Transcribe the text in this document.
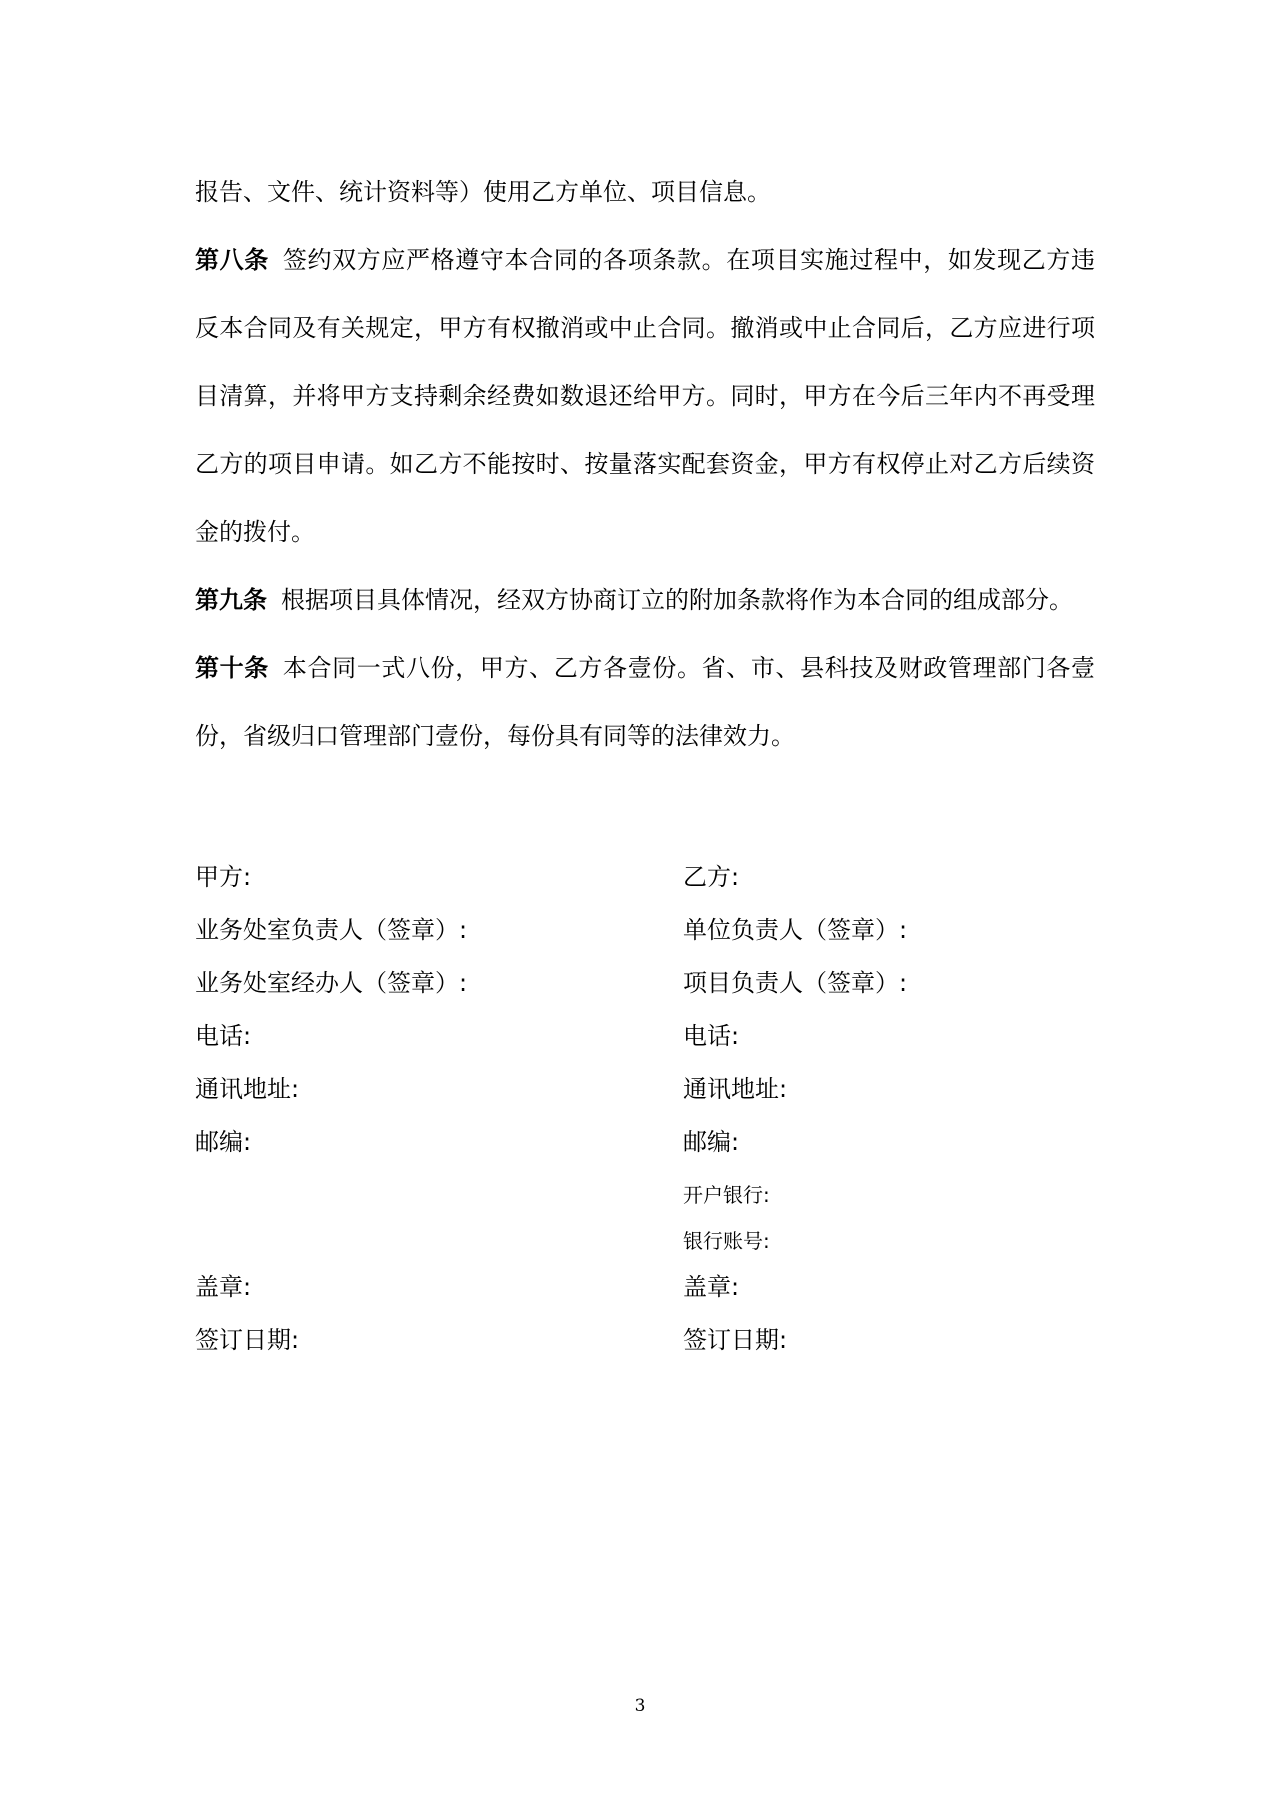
报告、文件、统计资料等）使用乙方单位、项目信息。

第八条 签约双方应严格遵守本合同的各项条款。在项目实施过程中，如发现乙方违反本合同及有关规定，甲方有权撤消或中止合同。撤消或中止合同后，乙方应进行项目清算，并将甲方支持剩余经费如数退还给甲方。同时，甲方在今后三年内不再受理乙方的项目申请。如乙方不能按时、按量落实配套资金，甲方有权停止对乙方后续资金的拨付。

第九条 根据项目具体情况，经双方协商订立的附加条款将作为本合同的组成部分。

第十条 本合同一式八份，甲方、乙方各壹份。省、市、县科技及财政管理部门各壹份，省级归口管理部门壹份，每份具有同等的法律效力。

甲方:
业务处室负责人（签章）:
业务处室经办人（签章）:
电话:
通讯地址:
邮编:
盖章:
签订日期:
乙方:
单位负责人（签章）:
项目负责人（签章）:
电话:
通讯地址:
邮编:
开户银行:
银行账号:
盖章:
签订日期:
3
